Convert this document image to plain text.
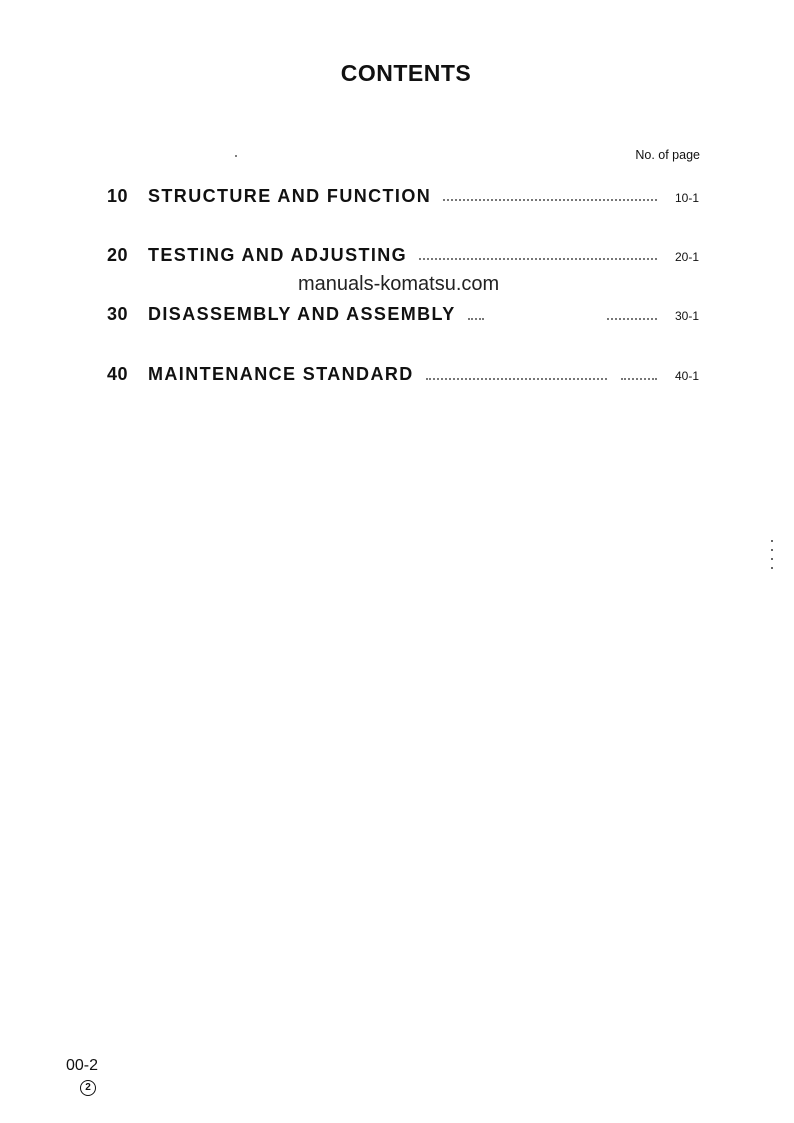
CONTENTS
No. of page
10	STRUCTURE AND FUNCTION	10-1
20	TESTING AND ADJUSTING	20-1
manuals-komatsu.com
30	DISASSEMBLY AND ASSEMBLY	30-1
40	MAINTENANCE STANDARD	40-1
00-2
2
